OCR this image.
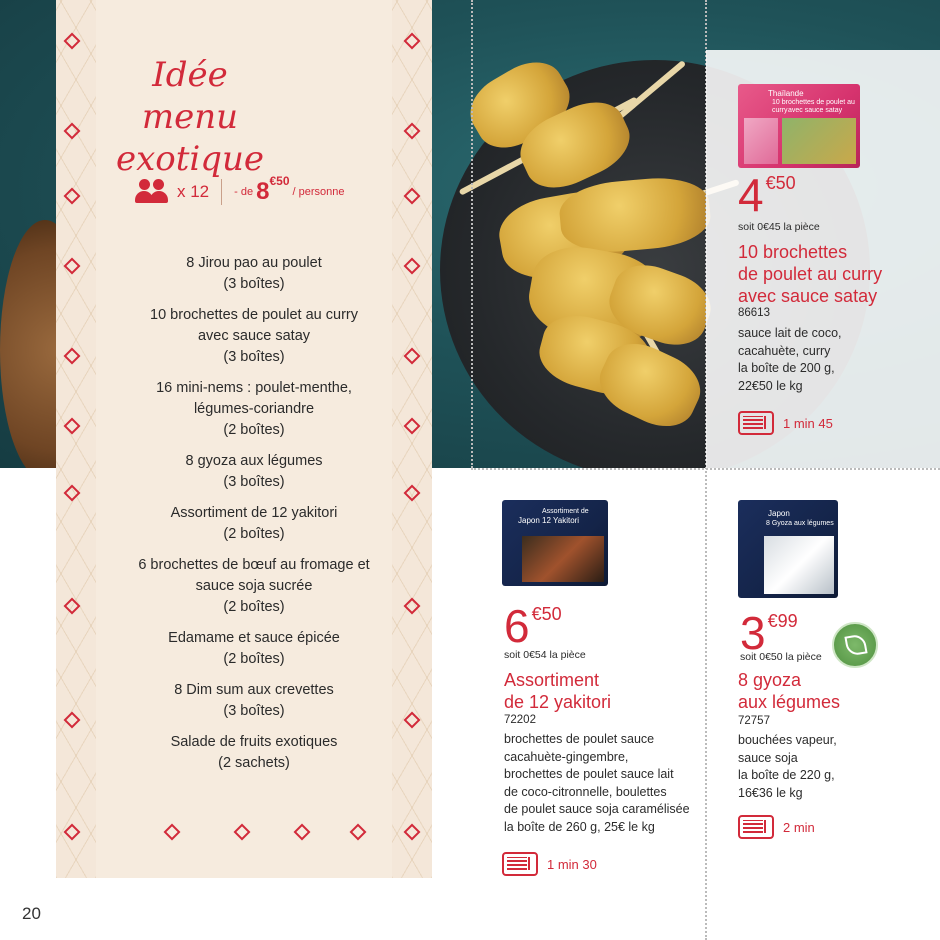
Idée menu
exotique
x 12 - de 8 €50
/ personne
8 Jirou pao au poulet
(3 boîtes)
10 brochettes de poulet au curry avec sauce satay
(3 boîtes)
16 mini-nems : poulet-menthe, légumes-coriandre
(2 boîtes)
8 gyoza aux légumes
(3 boîtes)
Assortiment de 12 yakitori
(2 boîtes)
6 brochettes de bœuf au fromage et sauce soja sucrée
(2 boîtes)
Edamame et sauce épicée
(2 boîtes)
8 Dim sum aux crevettes
(3 boîtes)
Salade de fruits exotiques
(2 sachets)
Thaïlande
10 brochettes de poulet au curry avec sauce satay
4 €50
soit 0€45 la pièce
10 brochettes
de poulet au curry
avec sauce satay
86613
sauce lait de coco,
cacahuète, curry
la boîte de 200 g,
22€50 le kg
1 min 45
Assortiment de
Japon 12 Yakitori
6 €50
soit 0€54 la pièce
Assortiment
de 12 yakitori
72202
brochettes de poulet sauce
cacahuète-gingembre,
brochettes de poulet sauce lait
de coco-citronnelle, boulettes
de poulet sauce soja caramélisée
la boîte de 260 g, 25€ le kg
1 min 30
Japon
8 Gyoza aux légumes
3 €99
soit 0€50 la pièce
8 gyoza
aux légumes
72757
bouchées vapeur,
sauce soja
la boîte de 220 g,
16€36 le kg
2 min
20
